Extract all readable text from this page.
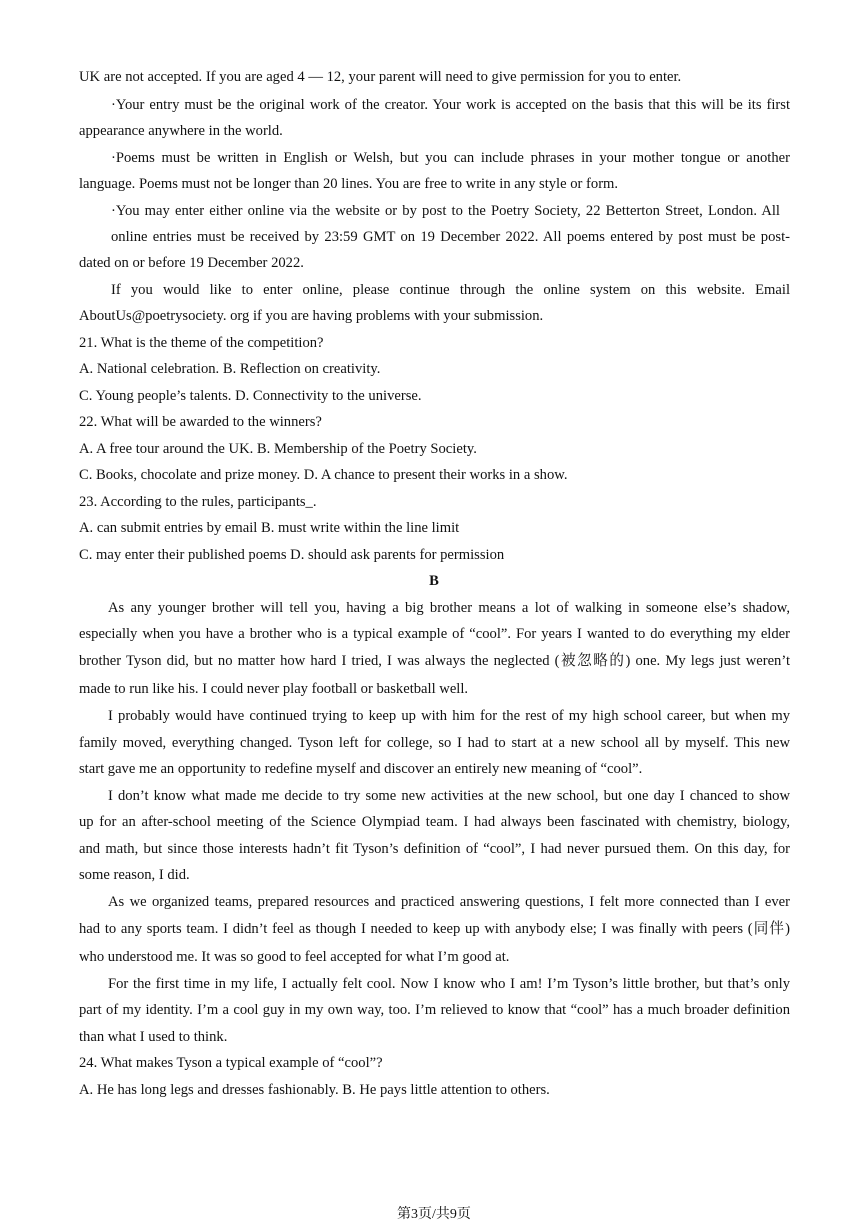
UK are not accepted. If you are aged 4 — 12, your parent will need to give permission for you to enter.
·Your entry must be the original work of the creator. Your work is accepted on the basis that this will be its first
appearance anywhere in the world.
·Poems must be written in English or Welsh, but you can include phrases in your mother tongue or another
language. Poems must not be longer than 20 lines. You are free to write in any style or form.
·You may enter either online via the website or by post to the Poetry Society, 22 Betterton Street, London. All
online entries must be received by 23:59 GMT on 19 December 2022. All poems entered by post must be post-
dated on or before 19 December 2022.
If you would like to enter online, please continue through the online system on this website. Email
AboutUs@poetrysociety. org if you are having problems with your submission.
21. What is the theme of the competition?
A. National celebration. B. Reflection on creativity.
C. Young people’s talents. D. Connectivity to the universe.
22. What will be awarded to the winners?
A. A free tour around the UK. B. Membership of the Poetry Society.
C. Books, chocolate and prize money. D. A chance to present their works in a show.
23. According to the rules, participants_.
A. can submit entries by email B. must write within the line limit
C. may enter their published poems D. should ask parents for permission
B
As any younger brother will tell you, having a big brother means a lot of walking in someone else’s shadow,
especially when you have a brother who is a typical example of “cool”. For years I wanted to do everything my elder
brother Tyson did, but no matter how hard I tried, I was always the neglected (被忽略的) one. My legs just weren’t
made to run like his. I could never play football or basketball well.
I probably would have continued trying to keep up with him for the rest of my high school career, but when my
family moved, everything changed. Tyson left for college, so I had to start at a new school all by myself. This new
start gave me an opportunity to redefine myself and discover an entirely new meaning of “cool”.
I don’t know what made me decide to try some new activities at the new school, but one day I chanced to show
up for an after-school meeting of the Science Olympiad team. I had always been fascinated with chemistry, biology,
and math, but since those interests hadn’t fit Tyson’s definition of “cool”, I had never pursued them. On this day, for
some reason, I did.
As we organized teams, prepared resources and practiced answering questions, I felt more connected than I ever
had to any sports team. I didn’t feel as though I needed to keep up with anybody else; I was finally with peers (同伴)
who understood me. It was so good to feel accepted for what I’m good at.
For the first time in my life, I actually felt cool. Now I know who I am! I’m Tyson’s little brother, but that’s only
part of my identity. I’m a cool guy in my own way, too. I’m relieved to know that “cool” has a much broader definition
than what I used to think.
24. What makes Tyson a typical example of “cool”?
A. He has long legs and dresses fashionably. B. He pays little attention to others.
第3页/共9页
